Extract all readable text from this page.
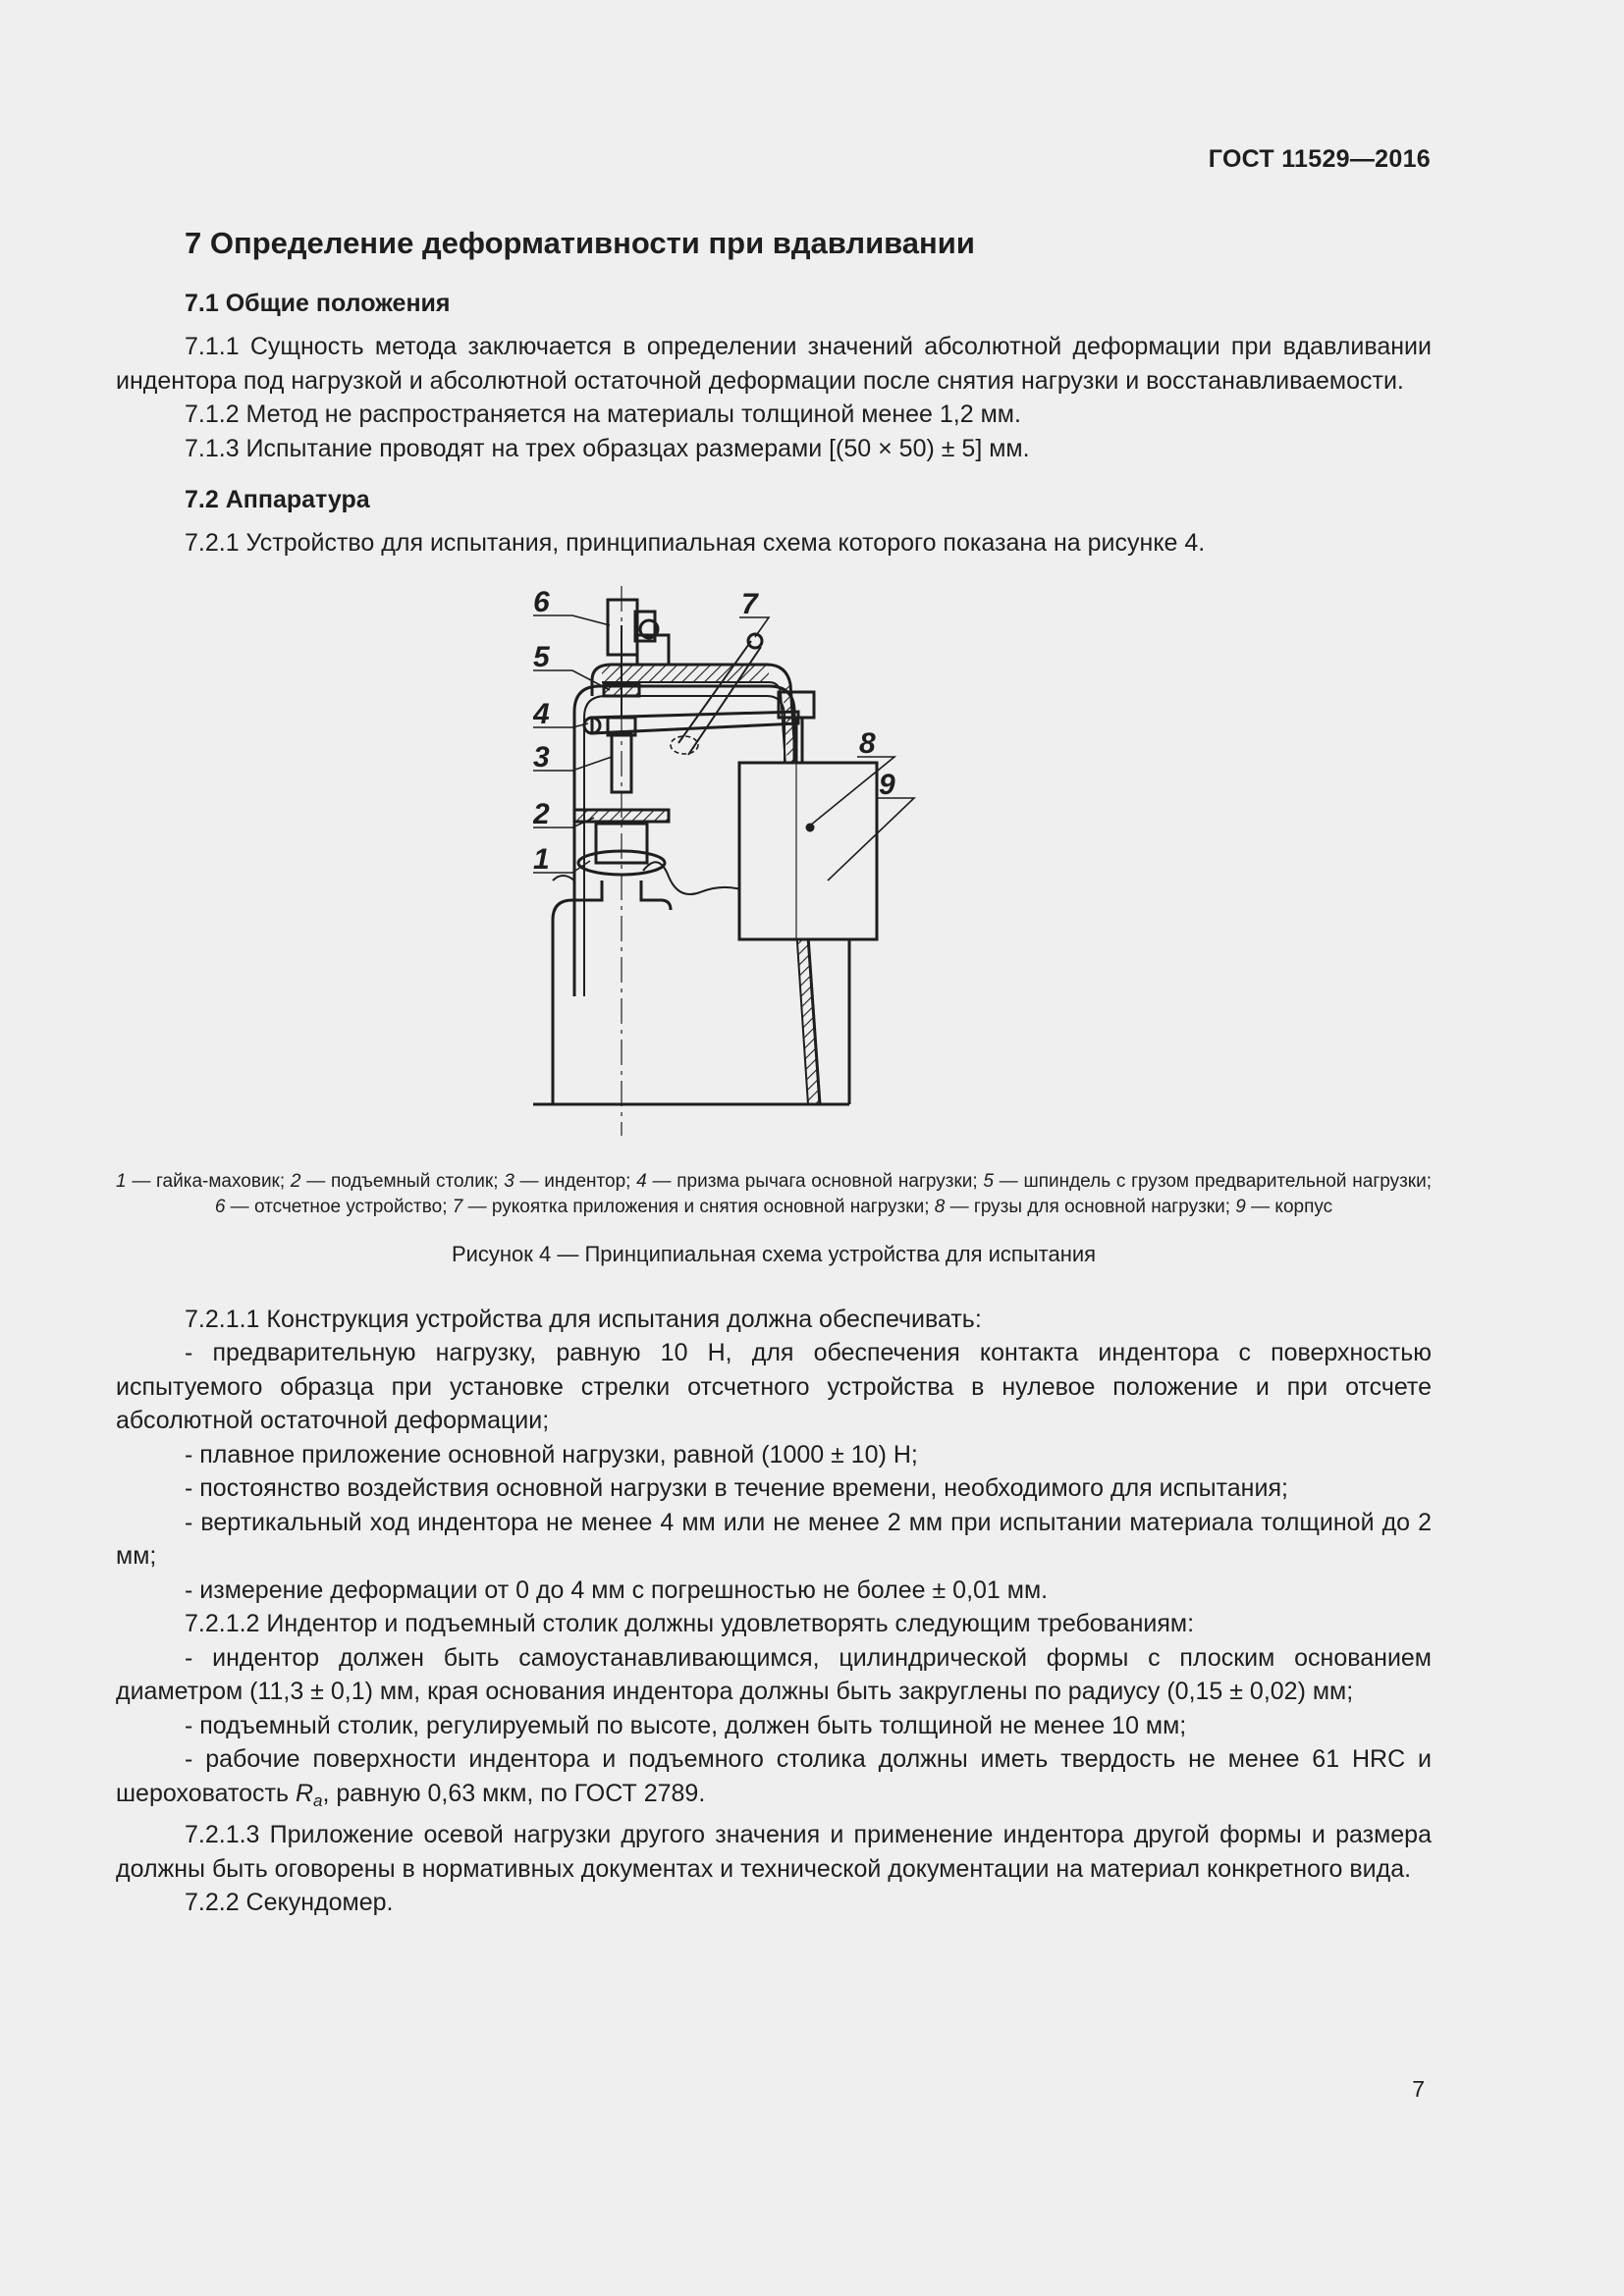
ГОСТ 11529—2016
7 Определение деформативности при вдавливании
7.1 Общие положения

7.1.1 Сущность метода заключается в определении значений абсолютной деформации при вдавливании индентора под нагрузкой и абсолютной остаточной деформации после снятия нагрузки и восстанавливаемости.

7.1.2 Метод не распространяется на материалы толщиной менее 1,2 мм.

7.1.3 Испытание проводят на трех образцах размерами [(50 × 50) ± 5] мм.

7.2 Аппаратура

7.2.1 Устройство для испытания, принципиальная схема которого показана на рисунке 4.

6	7
5
4
3	8
9
2
1
1 — гайка-маховик; 2 — подъемный столик; 3 — индентор; 4 — призма рычага основной нагрузки; 5 — шпиндель с грузом предварительной нагрузки; 6 — отсчетное устройство; 7 — рукоятка приложения и снятия основной нагрузки; 8 — грузы для основной нагрузки; 9 — корпус
Рисунок 4 — Принципиальная схема устройства для испытания

7.2.1.1 Конструкция устройства для испытания должна обеспечивать:

- предварительную нагрузку, равную 10 Н, для обеспечения контакта индентора с поверхностью испытуемого образца при установке стрелки отсчетного устройства в нулевое положение и при отсчете абсолютной остаточной деформации;

- плавное приложение основной нагрузки, равной (1000 ± 10) Н;

- постоянство воздействия основной нагрузки в течение времени, необходимого для испытания;

- вертикальный ход индентора не менее 4 мм или не менее 2 мм при испытании материала толщиной до 2 мм;

- измерение деформации от 0 до 4 мм с погрешностью не более ± 0,01 мм.

7.2.1.2 Индентор и подъемный столик должны удовлетворять следующим требованиям:

- индентор должен быть самоустанавливающимся, цилиндрической формы с плоским основанием диаметром (11,3 ± 0,1) мм, края основания индентора должны быть закруглены по радиусу (0,15 ± 0,02) мм;

- подъемный столик, регулируемый по высоте, должен быть толщиной не менее 10 мм;

- рабочие поверхности индентора и подъемного столика должны иметь твердость не менее 61 HRC и шероховатость $R_a$, равную 0,63 мкм, по ГОСТ 2789.

7.2.1.3 Приложение осевой нагрузки другого значения и применение индентора другой формы и размера должны быть оговорены в нормативных документах и технической документации на материал конкретного вида.

7.2.2 Секундомер.

7
